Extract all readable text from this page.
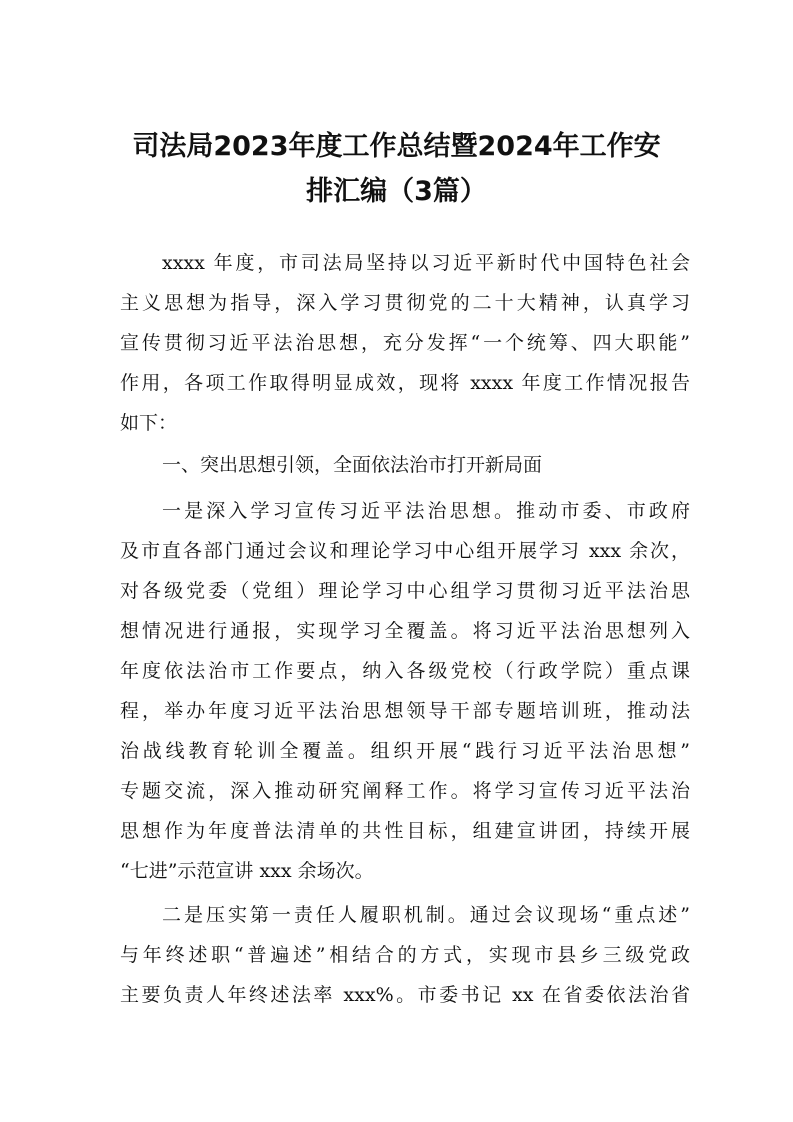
司法局2023年度工作总结暨2024年工作安
排汇编（3篇）
xxxx 年度，市司法局坚持以习近平新时代中国特色社会
主义思想为指导，深入学习贯彻党的二十大精神，认真学习
宣传贯彻习近平法治思想，充分发挥“一个统筹、四大职能”
作用，各项工作取得明显成效，现将 xxxx 年度工作情况报告
如下：
一、突出思想引领，全面依法治市打开新局面
一是深入学习宣传习近平法治思想。推动市委、市政府
及市直各部门通过会议和理论学习中心组开展学习 xxx 余次，
对各级党委（党组）理论学习中心组学习贯彻习近平法治思
想情况进行通报，实现学习全覆盖。将习近平法治思想列入
年度依法治市工作要点，纳入各级党校（行政学院）重点课
程，举办年度习近平法治思想领导干部专题培训班，推动法
治战线教育轮训全覆盖。组织开展“践行习近平法治思想”
专题交流，深入推动研究阐释工作。将学习宣传习近平法治
思想作为年度普法清单的共性目标，组建宣讲团，持续开展
“七进”示范宣讲 xxx 余场次。
二是压实第一责任人履职机制。通过会议现场“重点述”
与年终述职“普遍述”相结合的方式，实现市县乡三级党政
主要负责人年终述法率 xxx%。市委书记 xx 在省委依法治省
